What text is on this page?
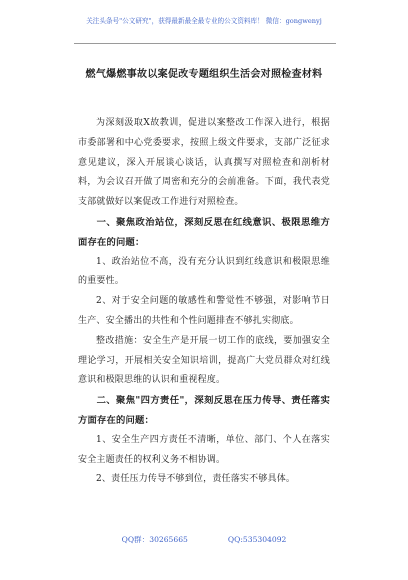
关注头条号"公文研究"，获得最新最全最专业的公文资料库！ 微信：gongwenyj
燃气爆燃事故以案促改专题组织生活会对照检查材料

为深刻汲取X故教训，促进以案整改工作深入进行，根据市委部署和中心党委要求，按照上级文件要求，支部广泛征求意见建议，深入开展谈心谈话，认真撰写对照检查和剖析材料，为会议召开做了周密和充分的会前准备。下面，我代表党支部就做好以案促改工作进行对照检查。

一、聚焦政治站位，深刻反思在红线意识、极限思维方面存在的问题：

1、政治站位不高，没有充分认识到红线意识和极限思维的重要性。

2、对于安全问题的敏感性和警觉性不够强，对影响节日生产、安全播出的共性和个性问题排查不够扎实彻底。

整改措施：安全生产是开展一切工作的底线，要加强安全理论学习，开展相关安全知识培训，提高广大党员群众对红线意识和极限思维的认识和重视程度。

二、聚焦"四方责任"，深刻反思在压力传导、责任落实方面存在的问题：

1、安全生产四方责任不清晰，单位、部门、个人在落实安全主题责任的权利义务不相协调。

2、责任压力传导不够到位，责任落实不够具体。

QQ群：30265665	QQ:535304092
